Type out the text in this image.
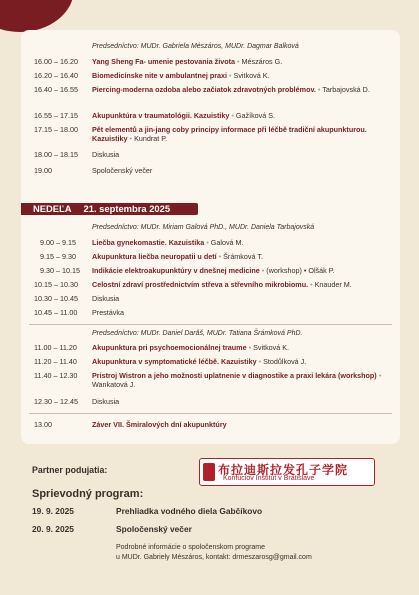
Predsedníctvo: MUDr. Gabriela Mészáros, MUDr. Dagmar Balková
16.00 – 16.20	Yang Sheng Fa- umenie pestovania života • Mészáros G.
16.20 – 16.40	Biomedicínske nite v ambulantnej praxi • Svitková K.
16.40 – 16.55	Piercing-moderna ozdoba alebo začiatok zdravotných problémov. • Tarbajovská D.
16.55 – 17.15	Akupunktúra v traumatológii. Kazuistiky • Gažíková S.
17.15 – 18.00	Pět elementů a jin-jang coby principy informace při léčbě tradiční akupunkturou. Kazuistiky • Kundrat P.
18.00 – 18.15	Diskusia
19.00	Spoločenský večer
NEDEĽA 21. septembra 2025
Predsedníctvo: MUDr. Miriam Galová PhD., MUDr. Daniela Tarbajovská
9.00 – 9.15	Liečba gynekomastie. Kazuistika • Galová M.
9.15 – 9.30	Akupunktura liečba neuropatii u detí • Šrámková T.
9.30 – 10.15	Indikácie elektroakupunktúry v dnešnej medicine • (workshop) • Olšák P.
10.15 – 10.30	Celostní zdraví prostřednictvím střeva a střevního mikrobiomu. • Knauder M.
10.30 – 10.45	Diskusia
10.45 – 11.00	Prestávka
Predsedníctvo: MUDr. Daniel Darăš, MUDr. Tatiana Šrámková PhD.
11.00 – 11.20	Akupunktura pri psychoemocionálnej traume • Svitková K.
11.20 – 11.40	Akupunktura v symptomatické léčbě. Kazuistiky • Stodůlková J.
11.40 – 12.30	Pristroj Wistron a jeho možnosti uplatnenie v diagnostike a praxi lekára (workshop) • Wankatová J.
12.30 – 12.45	Diskusia
13.00	Záver VII. Šmiralových dní akupunktúry
Partner podujatia:	布拉迪斯拉发孔子学院
Konfuciov Inštitút v Bratislave
Sprievodný program:
19. 9. 2025	Prehliadka vodného diela Gabčíkovo
20. 9. 2025	Spoločenský večer
Podrobné informácie o spoločenskom programe
u MUDr. Gabriely Mészáros, kontakt: drmeszarosg@gmail.com
